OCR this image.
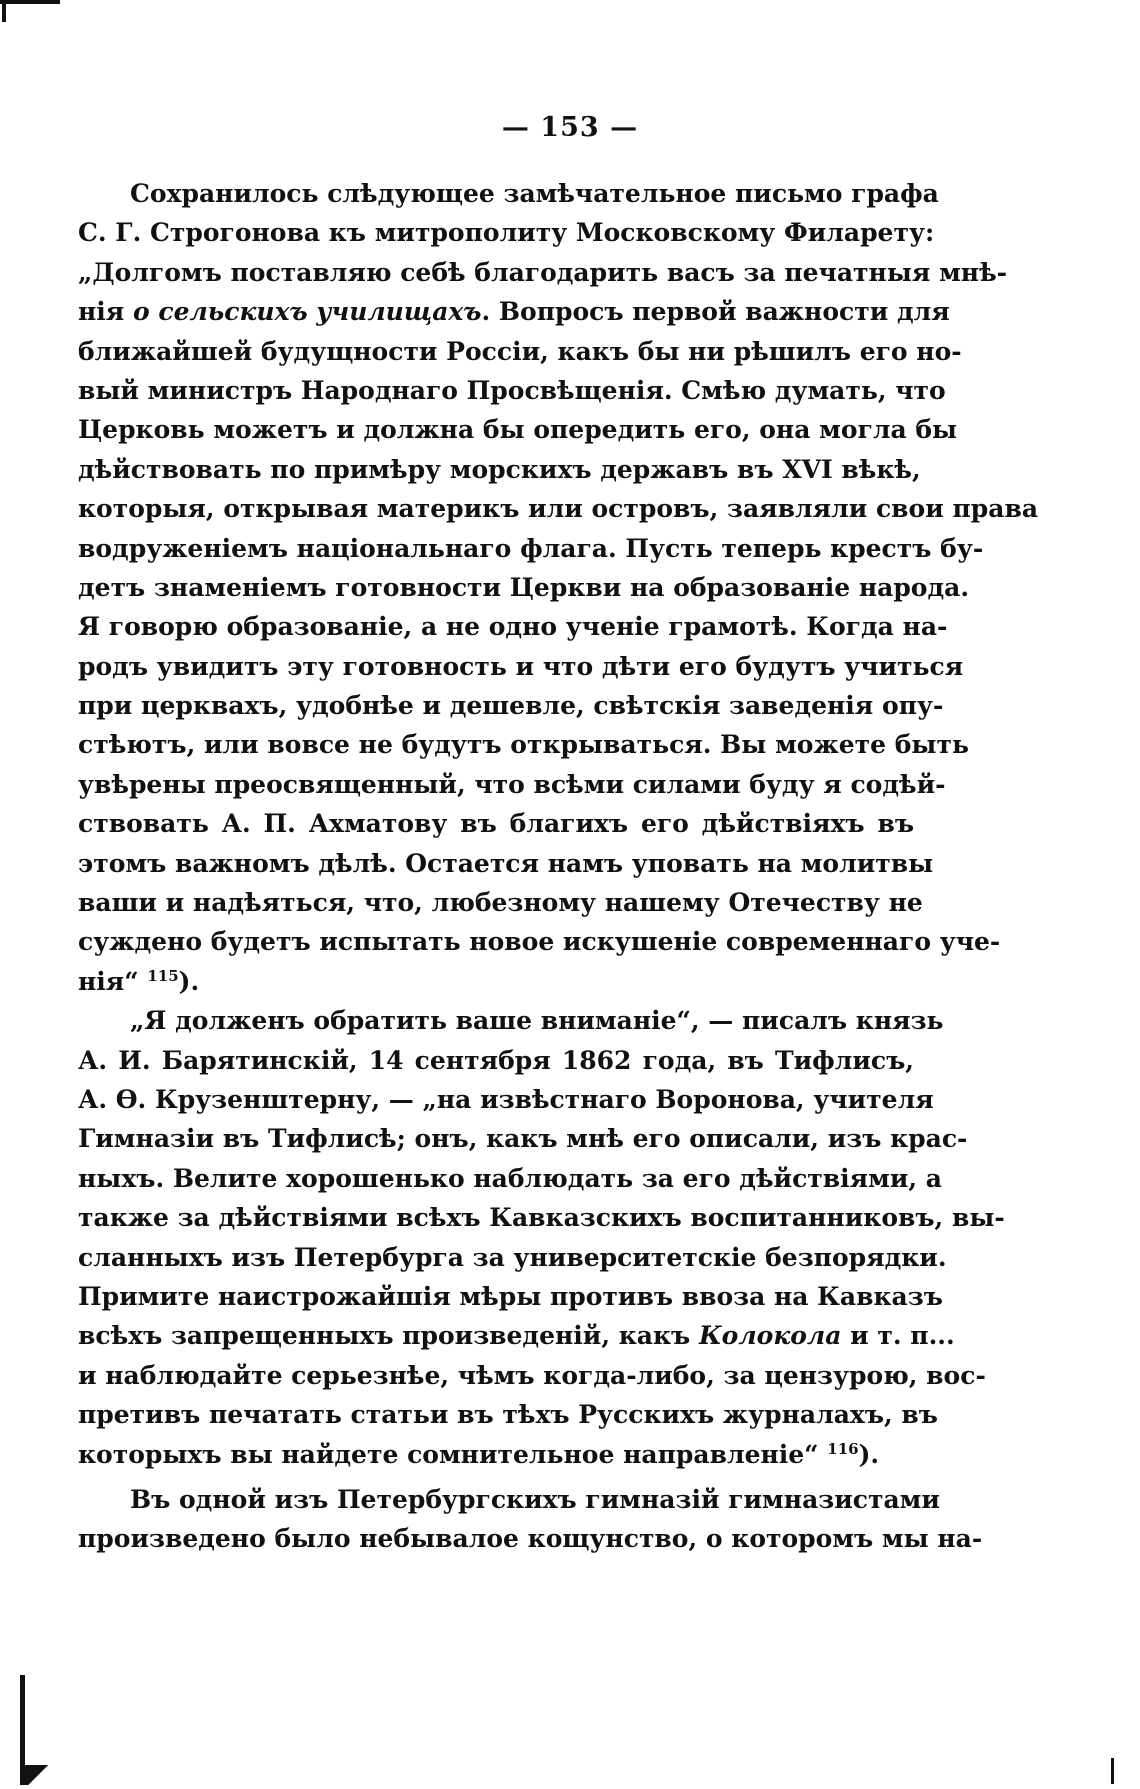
— 153 —
Сохранилось слѣдующее замѣчательное письмо графа
С. Г. Строгонова къ митрополиту Московскому Филарету:
„Долгомъ поставляю себѣ благодарить васъ за печатныя мнѣ-
нія о сельскихъ училищахъ. Вопросъ первой важности для
ближайшей будущности Россіи, какъ бы ни рѣшилъ его но-
вый министръ Народнаго Просвѣщенія. Смѣю думать, что
Церковь можетъ и должна бы опередить его, она могла бы
дѣйствовать по примѣру морскихъ державъ въ XVI вѣкѣ,
которыя, открывая материкъ или островъ, заявляли свои права
водруженіемъ національнаго флага. Пусть теперь крестъ бу-
детъ знаменіемъ готовности Церкви на образованіе народа.
Я говорю образованіе, а не одно ученіе грамотѣ. Когда на-
родъ увидитъ эту готовность и что дѣти его будутъ учиться
при церквахъ, удобнѣе и дешевле, свѣтскія заведенія опу-
стѣютъ, или вовсе не будутъ открываться. Вы можете быть
увѣрены преосвященный, что всѣми силами буду я содѣй-
ствовать А. П. Ахматову въ благихъ его дѣйствіяхъ въ
этомъ важномъ дѣлѣ. Остается намъ уповать на молитвы
ваши и надѣяться, что, любезному нашему Отечеству не
суждено будетъ испытать новое искушеніе современнаго уче-
нія“ $^{115}$).
„Я долженъ обратить ваше вниманіе“, — писалъ князь
А. И. Барятинскій, 14 сентября 1862 года, въ Тифлисъ,
А. Ѳ. Крузенштерну, — „на извѣстнаго Воронова, учителя
Гимназіи въ Тифлисѣ; онъ, какъ мнѣ его описали, изъ крас-
ныхъ. Велите хорошенько наблюдать за его дѣйствіями, а
также за дѣйствіями всѣхъ Кавказскихъ воспитанниковъ, вы-
сланныхъ изъ Петербурга за университетскіе безпорядки.
Примите наистрожайшія мѣры противъ ввоза на Кавказъ
всѣхъ запрещенныхъ произведеній, какъ Колокола и т. п...
и наблюдайте серьезнѣе, чѣмъ когда-либо, за цензурою, вос-
претивъ печатать статьи въ тѣхъ Русскихъ журналахъ, въ
которыхъ вы найдете сомнительное направленіе“ $^{116}$).
Въ одной изъ Петербургскихъ гимназій гимназистами
произведено было небывалое кощунство, о которомъ мы на-
